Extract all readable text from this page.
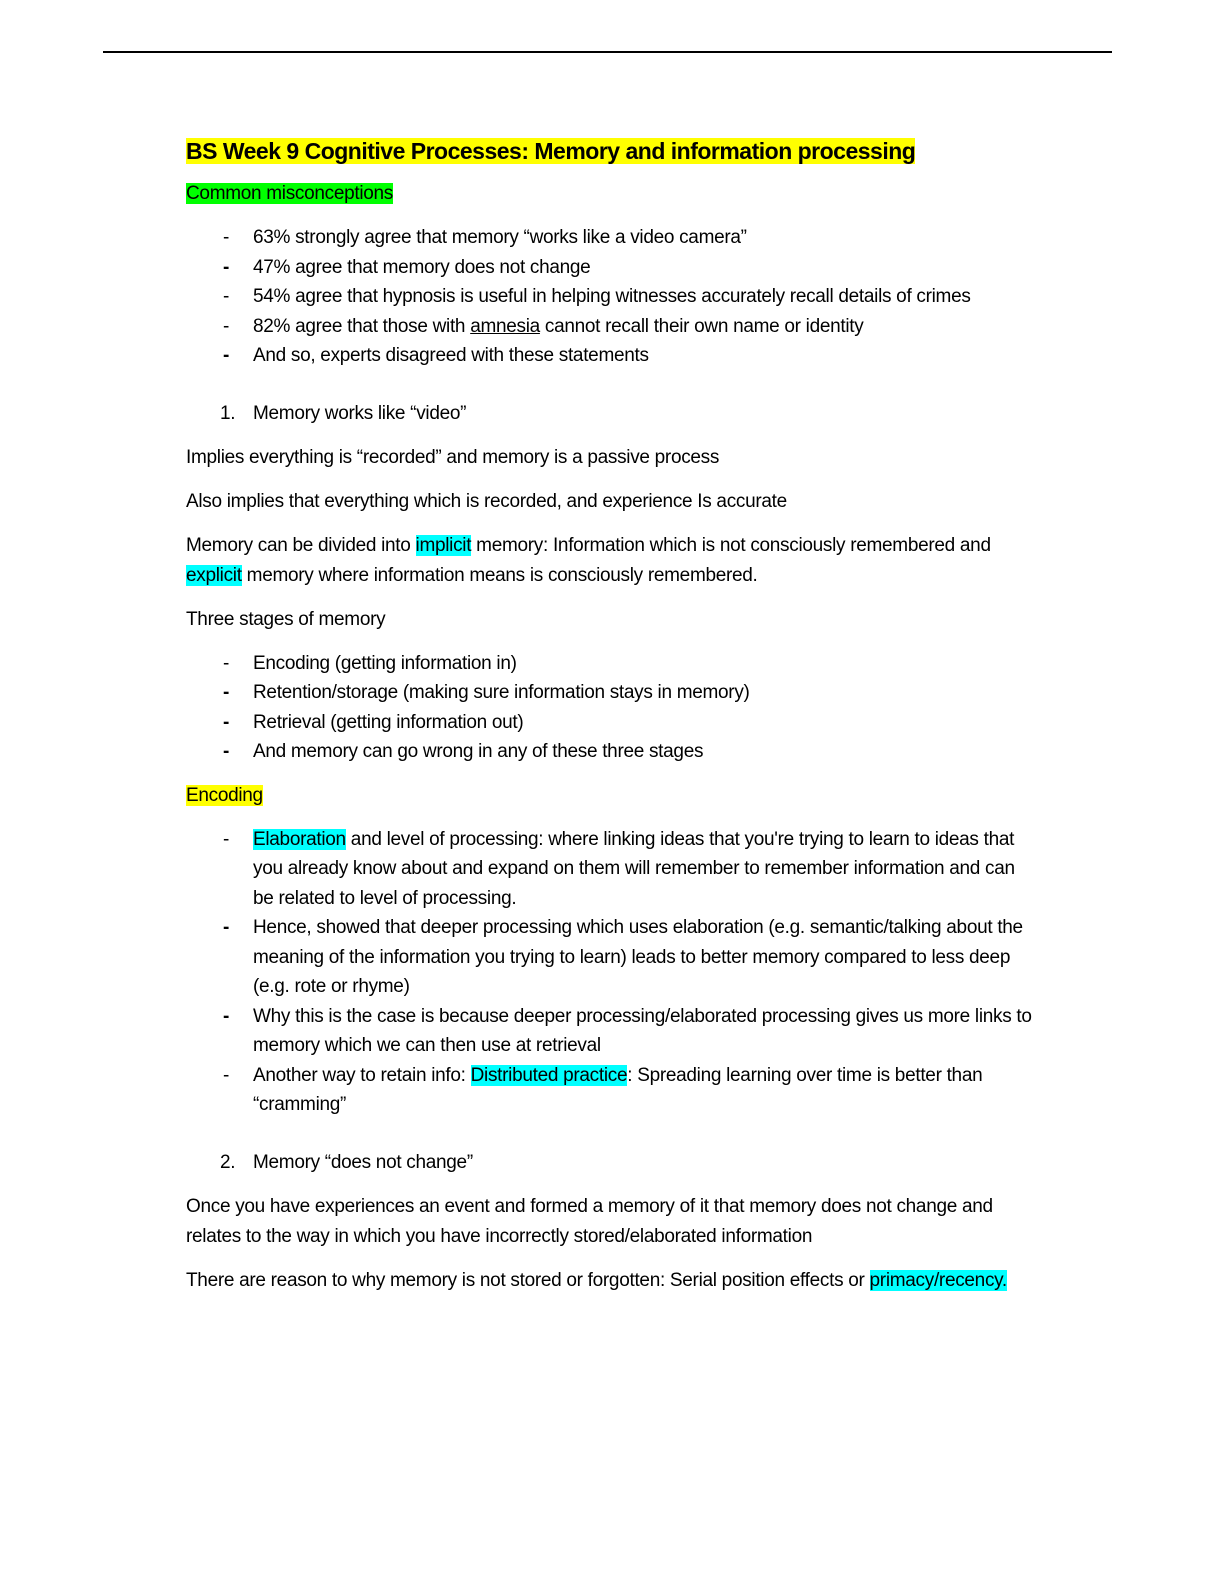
BS Week 9 Cognitive Processes: Memory and information processing

Common misconceptions

- 63% strongly agree that memory “works like a video camera”
- 47% agree that memory does not change
- 54% agree that hypnosis is useful in helping witnesses accurately recall details of crimes
- 82% agree that those with amnesia cannot recall their own name or identity
- And so, experts disagreed with these statements
1. Memory works like “video”

Implies everything is “recorded” and memory is a passive process

Also implies that everything which is recorded, and experience Is accurate

Memory can be divided into implicit memory: Information which is not consciously remembered and explicit memory where information means is consciously remembered.

Three stages of memory

- Encoding (getting information in)
- Retention/storage (making sure information stays in memory)
- Retrieval (getting information out)
- And memory can go wrong in any of these three stages

Encoding

- Elaboration and level of processing: where linking ideas that you're trying to learn to ideas that you already know about and expand on them will remember to remember information and can be related to level of processing.
- Hence, showed that deeper processing which uses elaboration (e.g. semantic/talking about the meaning of the information you trying to learn) leads to better memory compared to less deep (e.g. rote or rhyme)
- Why this is the case is because deeper processing/elaborated processing gives us more links to memory which we can then use at retrieval
- Another way to retain info: Distributed practice: Spreading learning over time is better than “cramming”
2. Memory “does not change”

Once you have experiences an event and formed a memory of it that memory does not change and relates to the way in which you have incorrectly stored/elaborated information

There are reason to why memory is not stored or forgotten: Serial position effects or primacy/recency.
